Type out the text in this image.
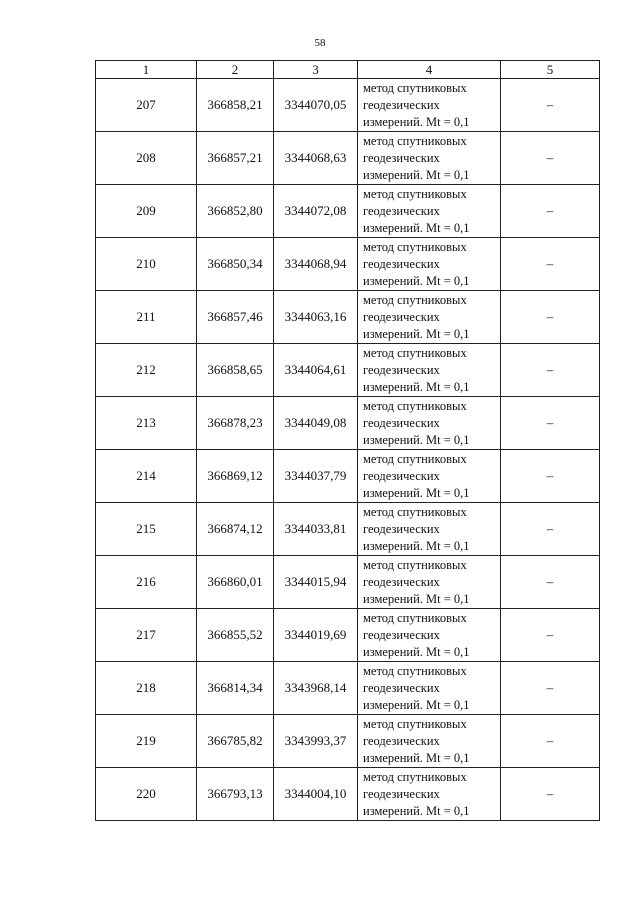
58
1	2	3	4	5
207	366858,21	3344070,05	метод спутниковых
геодезических
измерений. Mt = 0,1	–
208	366857,21	3344068,63	метод спутниковых
геодезических
измерений. Mt = 0,1	–
209	366852,80	3344072,08	метод спутниковых
геодезических
измерений. Mt = 0,1	–
210	366850,34	3344068,94	метод спутниковых
геодезических
измерений. Mt = 0,1	–
211	366857,46	3344063,16	метод спутниковых
геодезических
измерений. Mt = 0,1	–
212	366858,65	3344064,61	метод спутниковых
геодезических
измерений. Mt = 0,1	–
213	366878,23	3344049,08	метод спутниковых
геодезических
измерений. Mt = 0,1	–
214	366869,12	3344037,79	метод спутниковых
геодезических
измерений. Mt = 0,1	–
215	366874,12	3344033,81	метод спутниковых
геодезических
измерений. Mt = 0,1	–
216	366860,01	3344015,94	метод спутниковых
геодезических
измерений. Mt = 0,1	–
217	366855,52	3344019,69	метод спутниковых
геодезических
измерений. Mt = 0,1	–
218	366814,34	3343968,14	метод спутниковых
геодезических
измерений. Mt = 0,1	–
219	366785,82	3343993,37	метод спутниковых
геодезических
измерений. Mt = 0,1	–
220	366793,13	3344004,10	метод спутниковых
геодезических
измерений. Mt = 0,1	–
